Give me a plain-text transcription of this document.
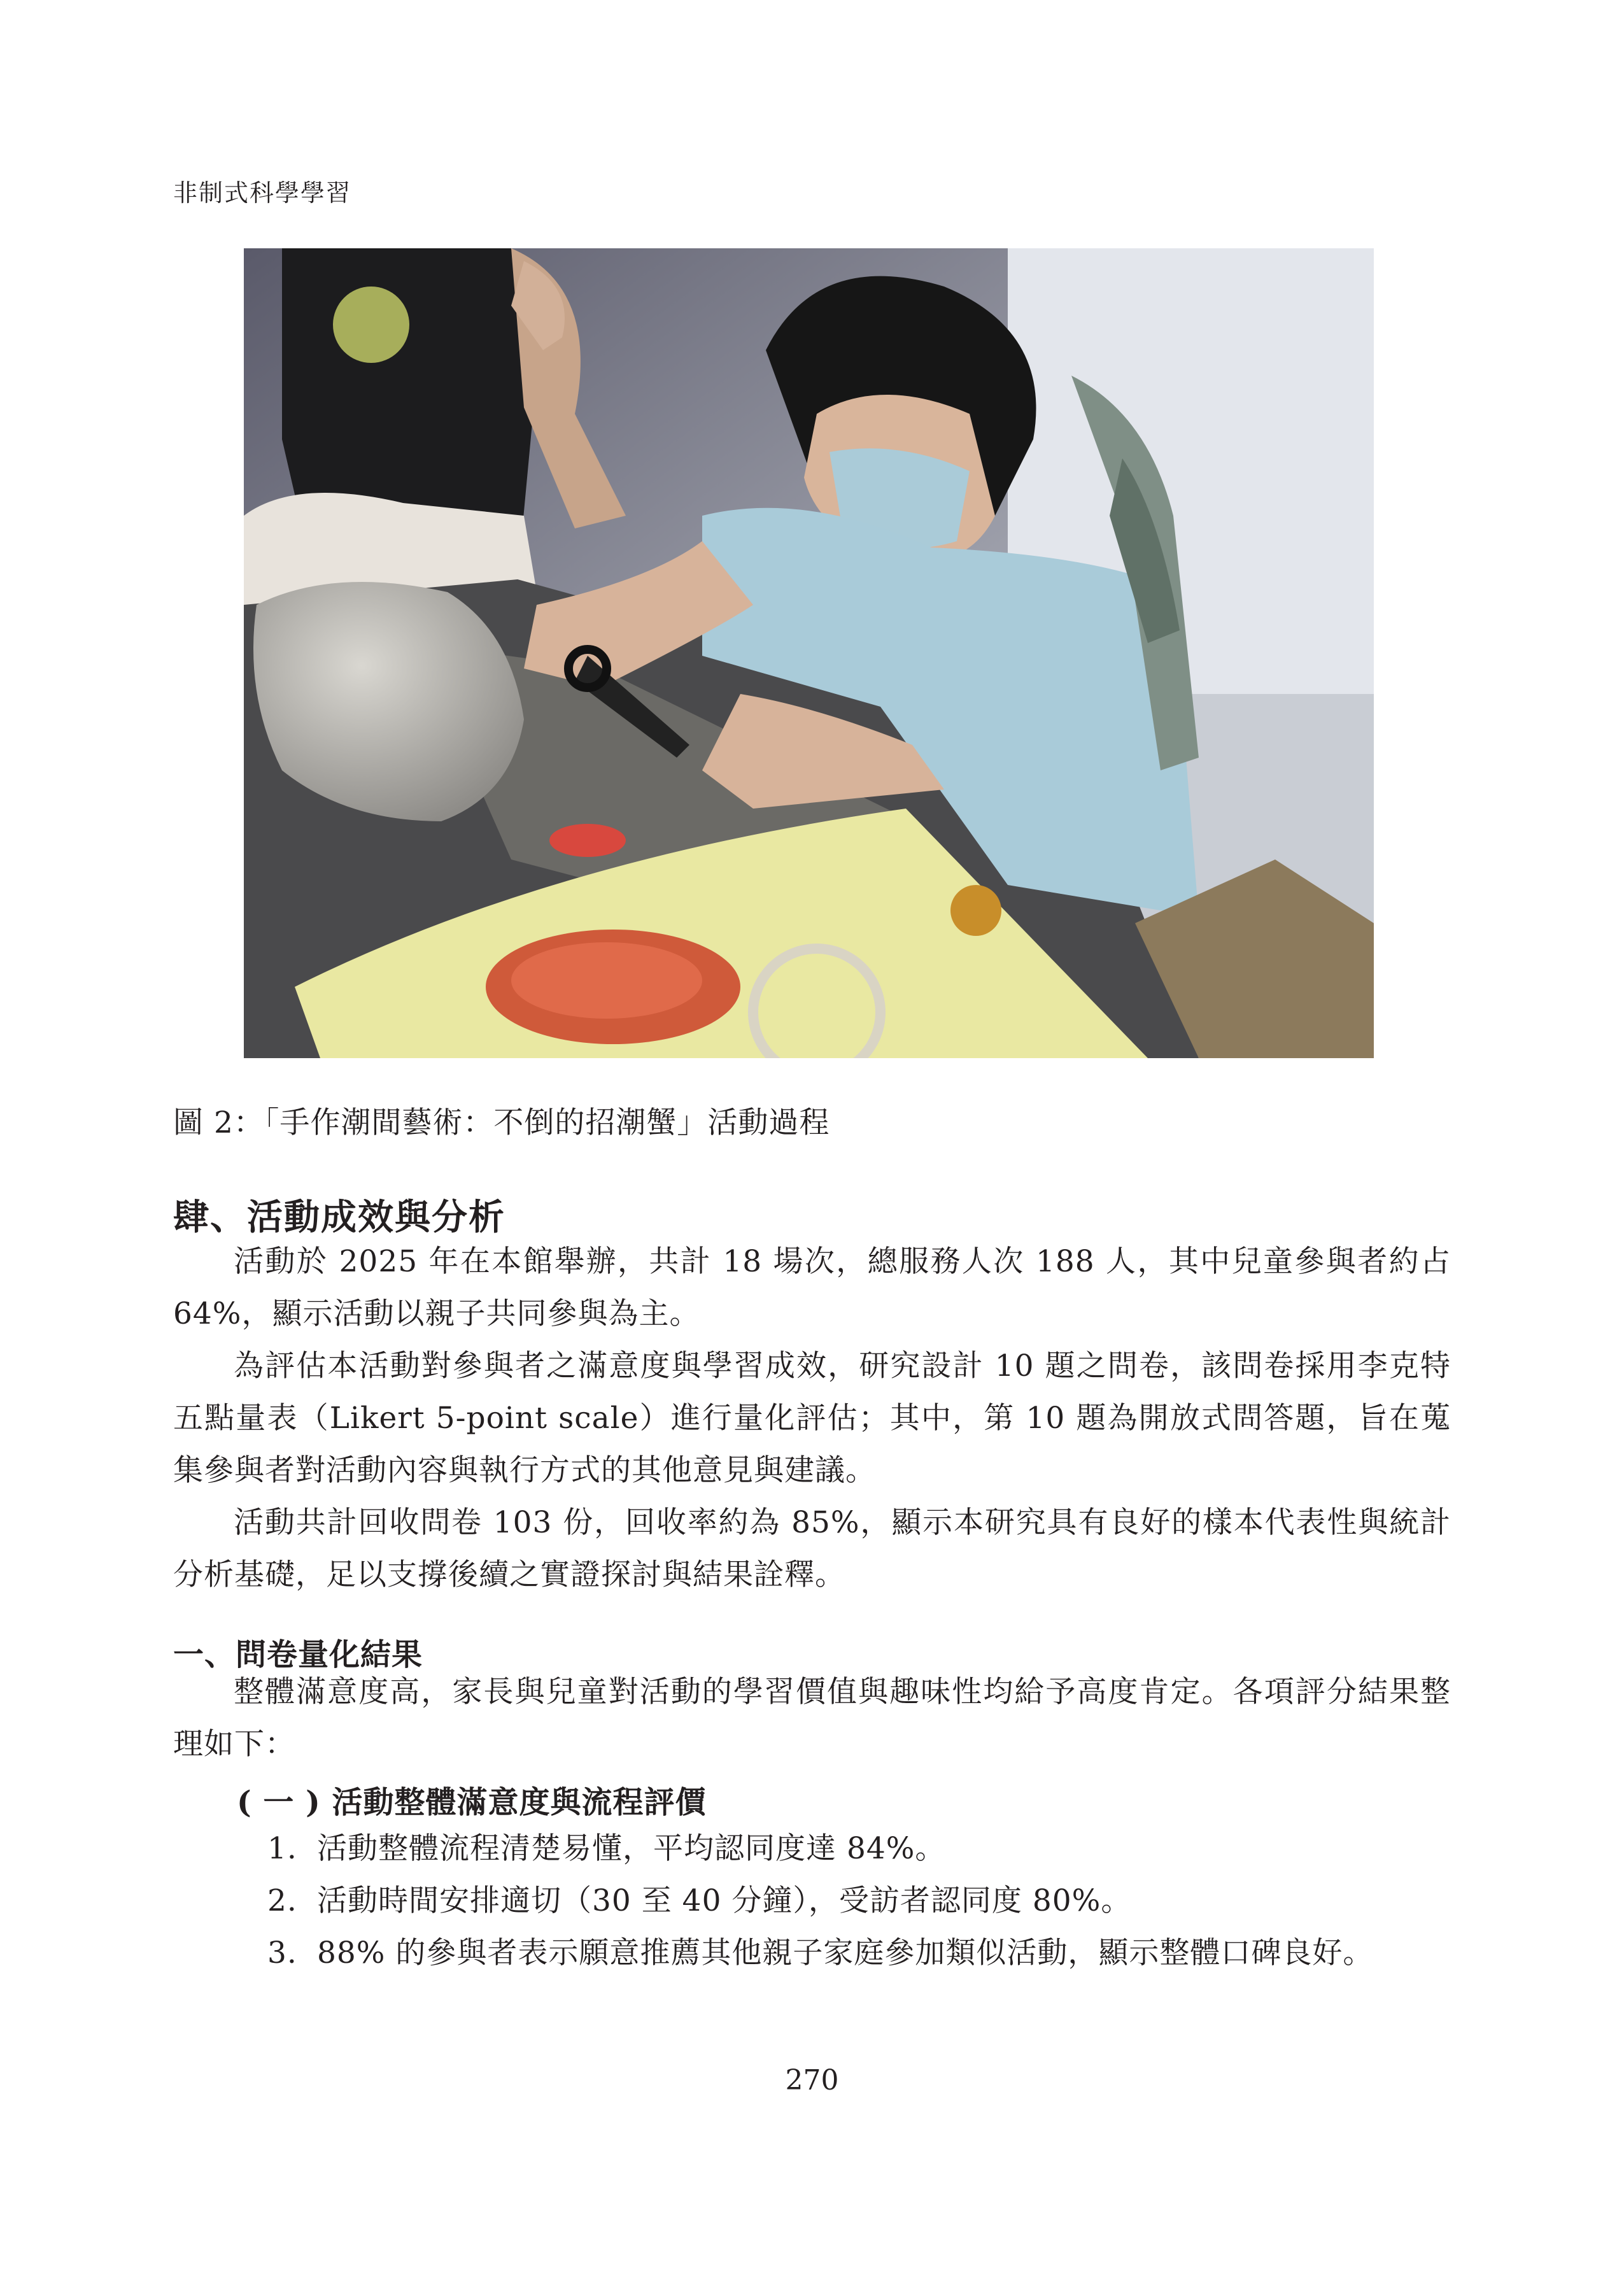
非制式科學學習
圖 2：「手作潮間藝術：不倒的招潮蟹」活動過程
肆、活動成效與分析

活動於 2025 年在本館舉辦，共計 18 場次，總服務人次 188 人，其中兒童參與者約占 64%，顯示活動以親子共同參與為主。

為評估本活動對參與者之滿意度與學習成效，研究設計 10 題之問卷，該問卷採用李克特五點量表（Likert 5-point scale）進行量化評估；其中，第 10 題為開放式問答題，旨在蒐集參與者對活動內容與執行方式的其他意見與建議。

活動共計回收問卷 103 份，回收率約為 85%，顯示本研究具有良好的樣本代表性與統計分析基礎，足以支撐後續之實證探討與結果詮釋。

一、問卷量化結果

整體滿意度高，家長與兒童對活動的學習價值與趣味性均給予高度肯定。各項評分結果整理如下：

( 一 ) 活動整體滿意度與流程評價
1. 活動整體流程清楚易懂，平均認同度達 84%。
2. 活動時間安排適切（30 至 40 分鐘），受訪者認同度 80%。
3. 88% 的參與者表示願意推薦其他親子家庭參加類似活動，顯示整體口碑良好。
270
